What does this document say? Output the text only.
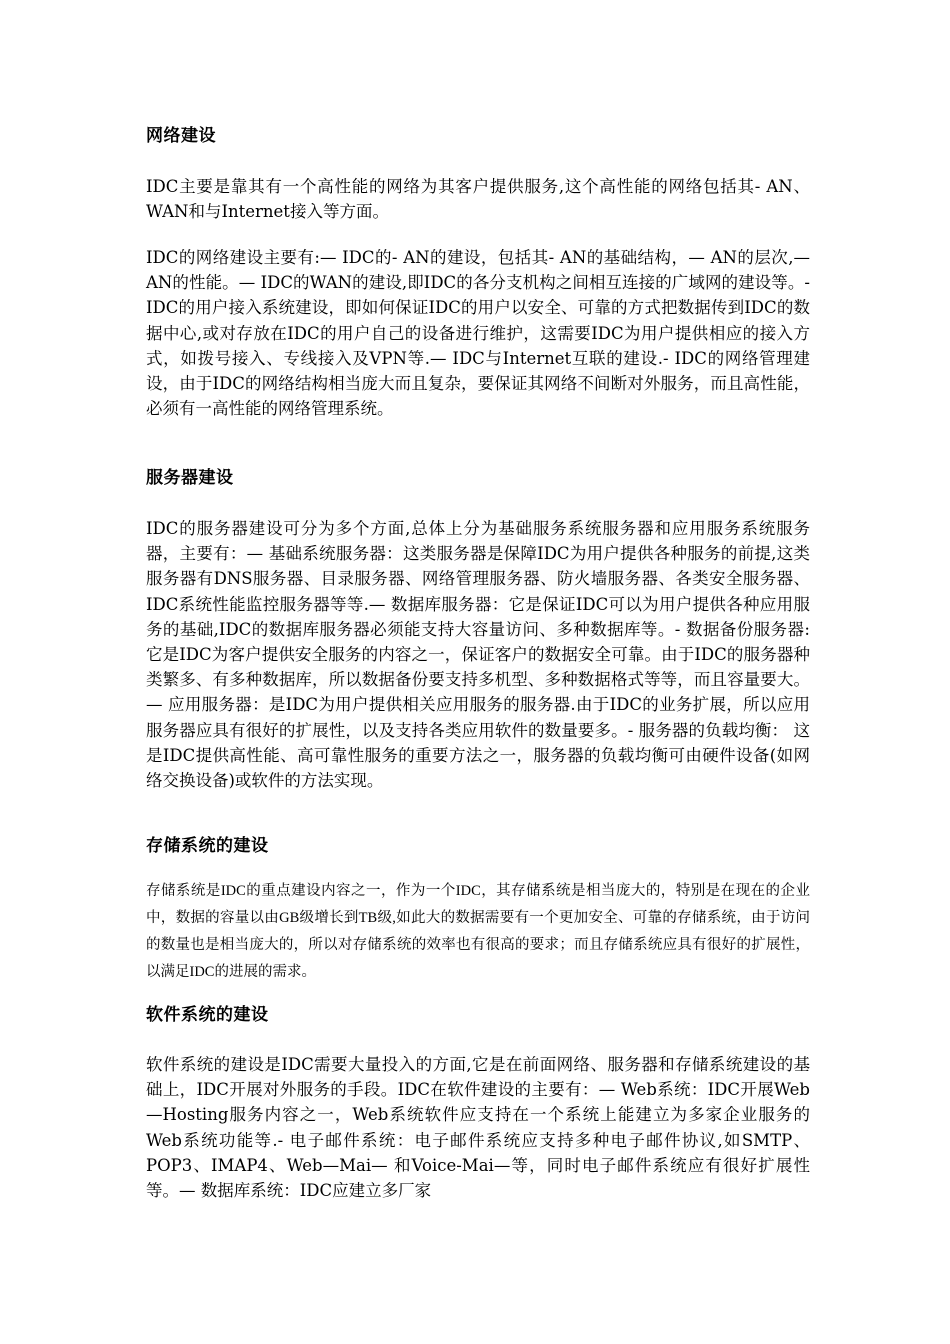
网络建设

IDC主要是靠其有一个高性能的网络为其客户提供服务,这个高性能的网络包括其- AN、WAN和与Internet接入等方面。

IDC的网络建设主要有:— IDC的- AN的建设，包括其- AN的基础结构，— AN的层次,— AN的性能。— IDC的WAN的建设,即IDC的各分支机构之间相互连接的广域网的建设等。- IDC的用户接入系统建设，即如何保证IDC的用户以安全、可靠的方式把数据传到IDC的数据中心,或对存放在IDC的用户自己的设备进行维护，这需要IDC为用户提供相应的接入方式，如拨号接入、专线接入及VPN等.— IDC与Internet互联的建设.- IDC的网络管理建设，由于IDC的网络结构相当庞大而且复杂，要保证其网络不间断对外服务，而且高性能，必须有一高性能的网络管理系统。

服务器建设

IDC的服务器建设可分为多个方面,总体上分为基础服务系统服务器和应用服务系统服务器，主要有：— 基础系统服务器：这类服务器是保障IDC为用户提供各种服务的前提,这类服务器有DNS服务器、目录服务器、网络管理服务器、防火墙服务器、各类安全服务器、IDC系统性能监控服务器等等.— 数据库服务器：它是保证IDC可以为用户提供各种应用服务的基础,IDC的数据库服务器必须能支持大容量访问、多种数据库等。- 数据备份服务器:它是IDC为客户提供安全服务的内容之一，保证客户的数据安全可靠。由于IDC的服务器种类繁多、有多种数据库，所以数据备份要支持多机型、多种数据格式等等，而且容量要大。— 应用服务器：是IDC为用户提供相关应用服务的服务器.由于IDC的业务扩展，所以应用服务器应具有很好的扩展性，以及支持各类应用软件的数量要多。- 服务器的负载均衡： 这是IDC提供高性能、高可靠性服务的重要方法之一，服务器的负载均衡可由硬件设备(如网络交换设备)或软件的方法实现。

存储系统的建设

存储系统是IDC的重点建设内容之一，作为一个IDC，其存储系统是相当庞大的，特别是在现在的企业中，数据的容量以由GB级增长到TB级,如此大的数据需要有一个更加安全、可靠的存储系统，由于访问的数量也是相当庞大的，所以对存储系统的效率也有很高的要求；而且存储系统应具有很好的扩展性，以满足IDC的进展的需求。

软件系统的建设

软件系统的建设是IDC需要大量投入的方面,它是在前面网络、服务器和存储系统建设的基础上，IDC开展对外服务的手段。IDC在软件建设的主要有：— Web系统：IDC开展Web—Hosting服务内容之一，Web系统软件应支持在一个系统上能建立为多家企业服务的Web系统功能等.- 电子邮件系统：电子邮件系统应支持多种电子邮件协议,如SMTP、POP3、IMAP4、Web—Mai— 和Voice-Mai—等，同时电子邮件系统应有很好扩展性等。— 数据库系统：IDC应建立多厂家
